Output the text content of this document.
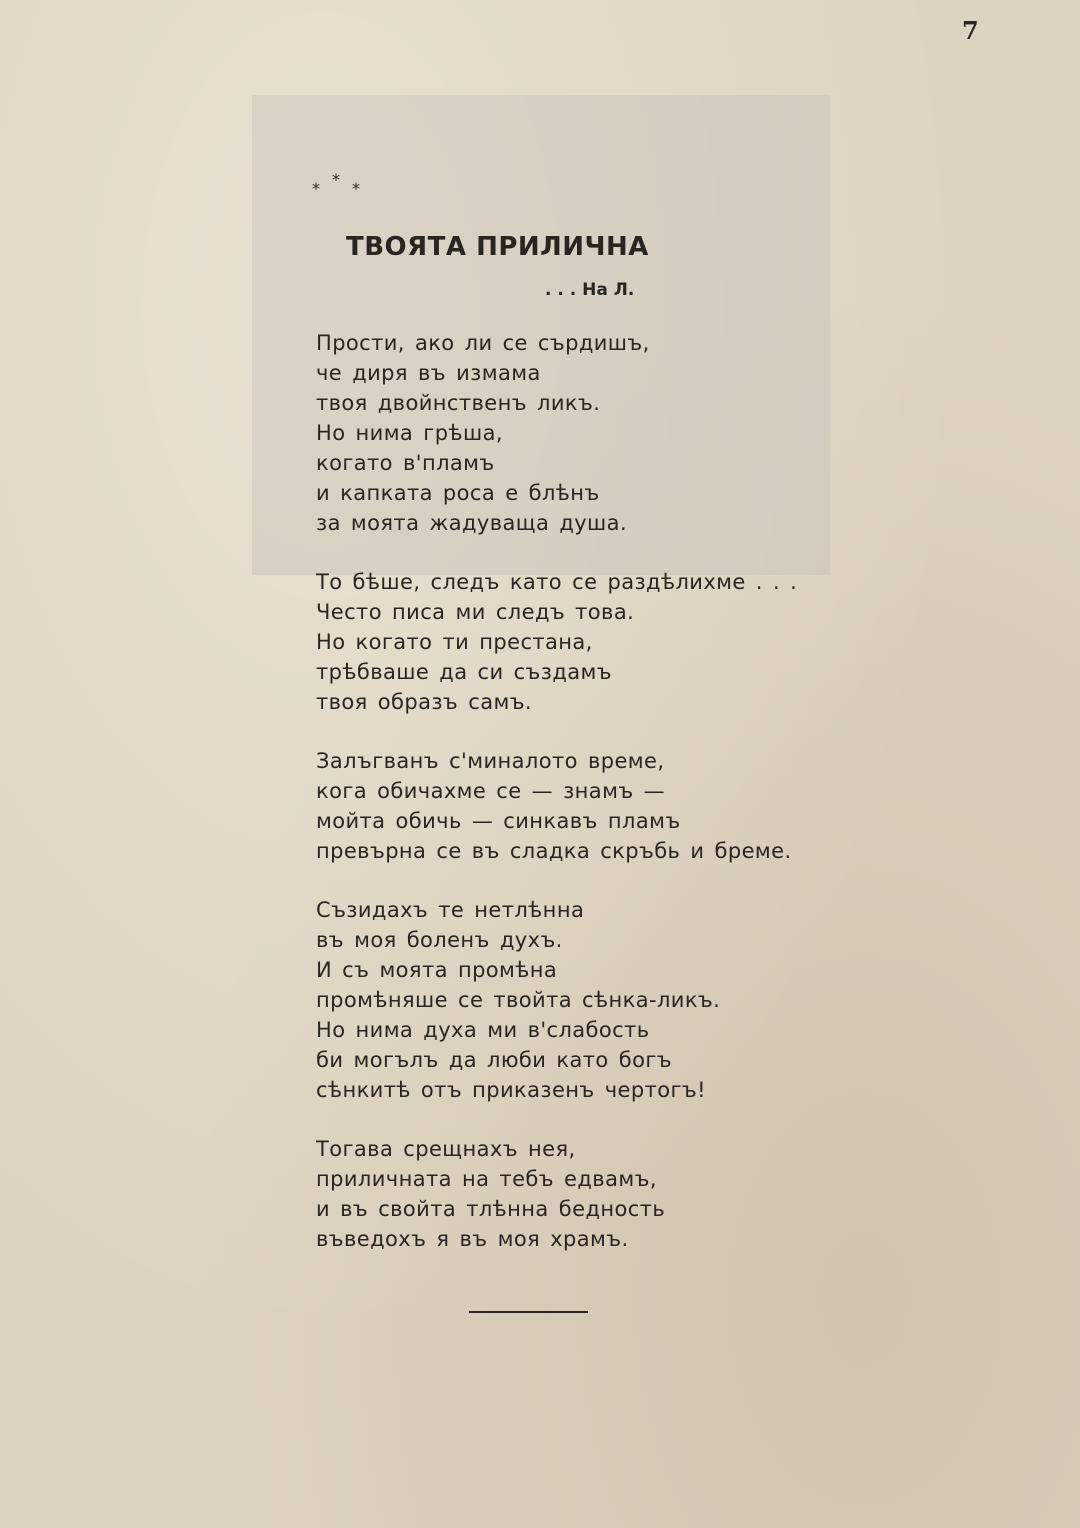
7
* * *
ТВОЯТА ПРИЛИЧНА
. . . На Л.
Прости, ако ли се сърдишъ,
че диря въ измама
твоя двойнственъ ликъ.
Но нима грѣша,
когато в'пламъ
и капката роса е блѣнъ
за моята жадуваща душа.
То бѣше, следъ като се раздѣлихме . . .
Често писа ми следъ това.
Но когато ти престана,
трѣбваше да си създамъ
твоя образъ самъ.
Залъгванъ с'миналото време,
кога обичахме се — знамъ —
мойта обичь — синкавъ пламъ
превърна се въ сладка скръбь и бреме.
Съзидахъ те нетлѣнна
въ моя боленъ духъ.
И съ моята промѣна
промѣняше се твойта сѣнка-ликъ.
Но нима духа ми в'слабость
би могълъ да люби като богъ
сѣнкитѣ отъ приказенъ чертогъ!
Тогава срещнахъ нея,
приличната на тебъ едвамъ,
и въ свойта тлѣнна бедность
въведохъ я въ моя храмъ.
